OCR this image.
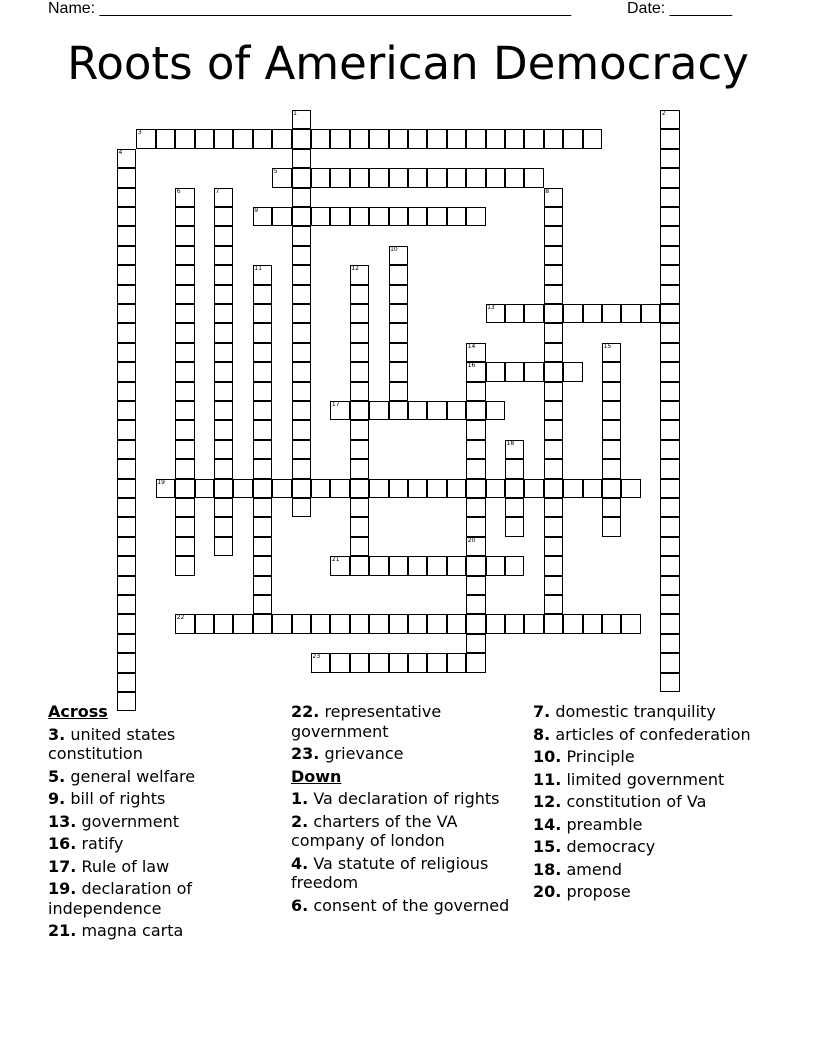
Name: _____________________________________________________	Date: _______
Roots of American Democracy
1	2
3
4
5
6	7	8
9
10
11	12
13
14	15
16
17
18
19
20
21
22
23
Across
3. united states constitution
5. general welfare
9. bill of rights
13. government
16. ratify
17. Rule of law
19. declaration of independence
21. magna carta
22. representative government
23. grievance
Down
1. Va declaration of rights
2. charters of the VA company of london
4. Va statute of religious freedom
6. consent of the governed
7. domestic tranquility
8. articles of confederation
10. Principle
11. limited government
12. constitution of Va
14. preamble
15. democracy
18. amend
20. propose
